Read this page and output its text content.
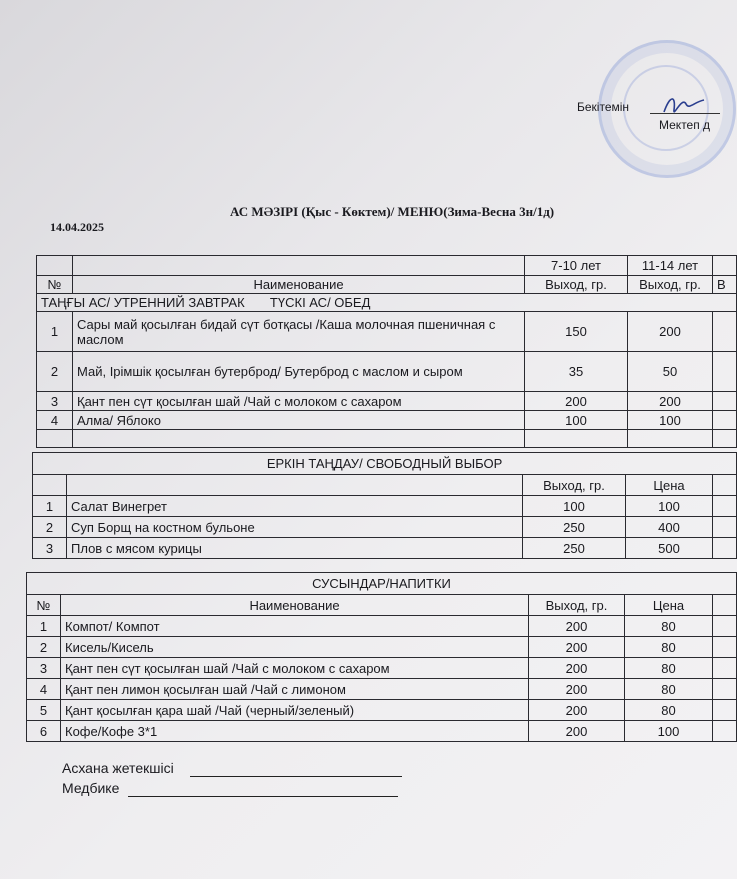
Бекітемін
Мектеп д
АС МӘЗІРІ (Қыс - Көктем)/ МЕНЮ(Зима-Весна 3н/1д)
14.04.2025
		7-10 лет	11-14 лет	
№	Наименование	Выход, гр.	Выход, гр.	В
ТАҢҒЫ АС/ УТРЕННИЙ ЗАВТРАК       ТҮСКІ АС/ ОБЕД				
1	Сары май қосылған бидай сүт ботқасы /Каша молочная пшеничная с маслом	150	200	
2	Май, Ірімшік қосылған бутерброд/ Бутерброд с маслом и сыром	35	50	
3	Қант пен сүт қосылған шай /Чай с молоком с сахаром	200	200	
4	Алма/ Яблоко	100	100	

ЕРКІН ТАҢДАУ/ СВОБОДНЫЙ ВЫБОР				
		Выход, гр.	Цена	
1	Салат Винегрет	100	100	
2	Суп Борщ на костном бульоне	250	400	
3	Плов с мясом курицы	250	500	
СУСЫНДАР/НАПИТКИ				
№	Наименование	Выход, гр.	Цена	
1	Компот/ Компот	200	80	
2	Кисель/Кисель	200	80	
3	Қант пен сүт қосылған шай /Чай с молоком с сахаром	200	80	
4	Қант пен лимон қосылған шай /Чай с лимоном	200	80	
5	Қант қосылған қара шай /Чай (черный/зеленый)	200	80	
6	Кофе/Кофе 3*1	200	100	
Асхана жетекшісі
Медбике
